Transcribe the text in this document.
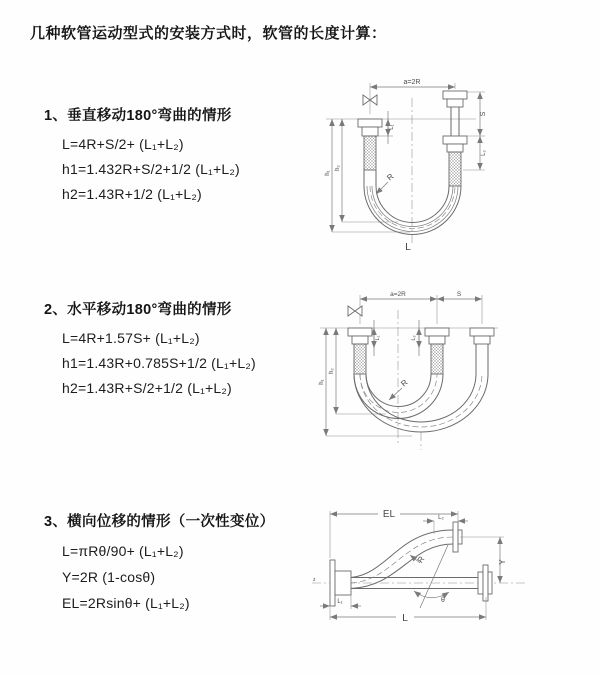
几种软管运动型式的安装方式时，软管的长度计算：
1、垂直移动180°弯曲的情形
L=4R+S/2+ (L₁+L₂)
h1=1.432R+S/2+1/2 (L₁+L₂)
h2=1.43R+1/2 (L₁+L₂)
a=2R
L₁
S
L₂
h₁
h₂
R
L
2、水平移动180°弯曲的情形
L=4R+1.57S+ (L₁+L₂)
h1=1.43R+0.785S+1/2 (L₁+L₂)
h2=1.43R+S/2+1/2 (L₁+L₂)
a=2R	S
L₁	L₂
h₁
h₂
R
3、横向位移的情形（一次性变位）
L=πRθ/90+ (L₁+L₂)
Y=2R (1-cosθ)
EL=2Rsinθ+ (L₁+L₂)
z
EL	L₂
Y
θ
R
L₁
L
